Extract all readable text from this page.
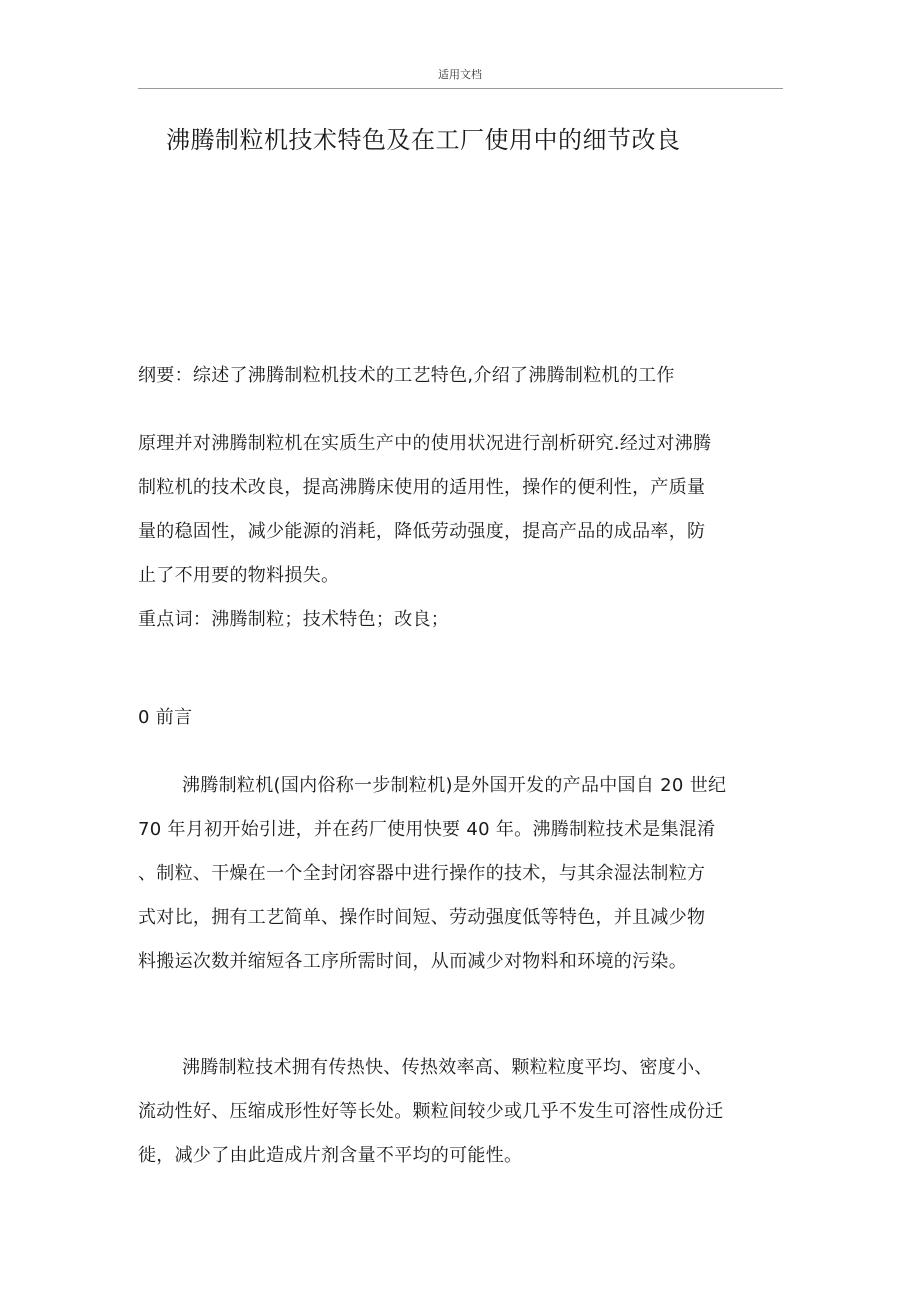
适用文档
沸腾制粒机技术特色及在工厂使用中的细节改良
纲要：综述了沸腾制粒机技术的工艺特色,介绍了沸腾制粒机的工作
原理并对沸腾制粒机在实质生产中的使用状况进行剖析研究.经过对沸腾
制粒机的技术改良，提高沸腾床使用的适用性，操作的便利性，产质量
量的稳固性，减少能源的消耗，降低劳动强度，提高产品的成品率，防
止了不用要的物料损失。
重点词：沸腾制粒；技术特色；改良；
0 前言
沸腾制粒机(国内俗称一步制粒机)是外国开发的产品中国自 20 世纪
70 年月初开始引进，并在药厂使用快要 40 年。沸腾制粒技术是集混淆
、制粒、干燥在一个全封闭容器中进行操作的技术，与其余湿法制粒方
式对比，拥有工艺简单、操作时间短、劳动强度低等特色，并且减少物
料搬运次数并缩短各工序所需时间，从而减少对物料和环境的污染。
沸腾制粒技术拥有传热快、传热效率高、颗粒粒度平均、密度小、
流动性好、压缩成形性好等长处。颗粒间较少或几乎不发生可溶性成份迁
徙，减少了由此造成片剂含量不平均的可能性。
